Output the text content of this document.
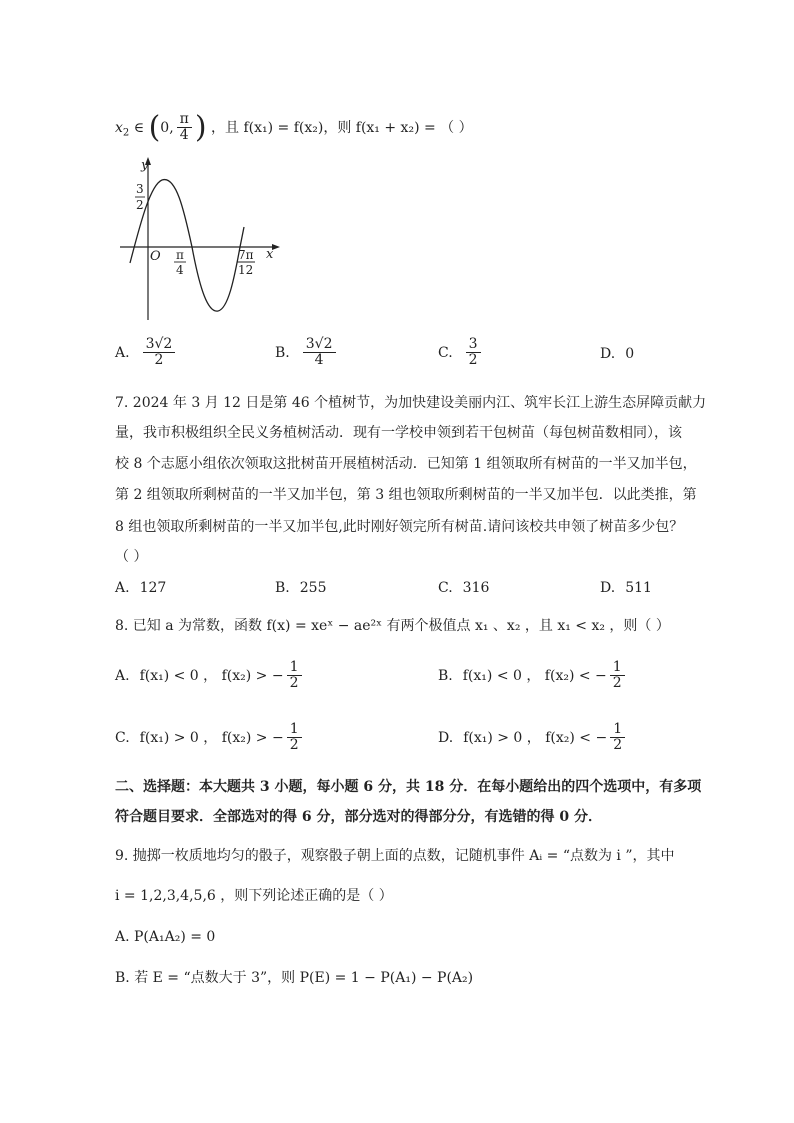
$x_2$ ∈ (0, $\frac{\pi}{4}$ ) ，且 f(x₁) = f(x₂)，则 f(x₁ + x₂) = （ ）
y
x
O
3
2
π
4
7π
12
A. $\frac{3√2}{2}$	B. $\frac{3√2}{4}$	C. $\frac{3}{2}$	D. 0
7. 2024 年 3 月 12 日是第 46 个植树节，为加快建设美丽内江、筑牢长江上游生态屏障贡献力
量，我市积极组织全民义务植树活动．现有一学校申领到若干包树苗（每包树苗数相同），该
校 8 个志愿小组依次领取这批树苗开展植树活动．已知第 1 组领取所有树苗的一半又加半包，
第 2 组领取所剩树苗的一半又加半包，第 3 组也领取所剩树苗的一半又加半包．以此类推，第
8 组也领取所剩树苗的一半又加半包,此时刚好领完所有树苗.请问该校共申领了树苗多少包？
（ ）
A. 127	B. 255	C. 316	D. 511
8. 已知 a 为常数，函数 f(x) = xeˣ − ae²ˣ 有两个极值点 x₁ 、x₂ ，且 x₁ < x₂ ，则（ ）
A. f(x₁) < 0 ， f(x₂) > − $\frac{1}{2}$	B. f(x₁) < 0 ， f(x₂) < − $\frac{1}{2}$
C. f(x₁) > 0 ， f(x₂) > − $\frac{1}{2}$	D. f(x₁) > 0 ， f(x₂) < − $\frac{1}{2}$
二、选择题：本大题共 3 小题，每小题 6 分，共 18 分．在每小题给出的四个选项中，有多项
符合题目要求．全部选对的得 6 分，部分选对的得部分分，有选错的得 0 分．
9. 抛掷一枚质地均匀的骰子，观察骰子朝上面的点数，记随机事件 Aᵢ = “点数为 i ”，其中
i = 1,2,3,4,5,6 ，则下列论述正确的是（ ）
A. P(A₁A₂) = 0
B. 若 E = “点数大于 3”，则 P(E) = 1 − P(A₁) − P(A₂)
